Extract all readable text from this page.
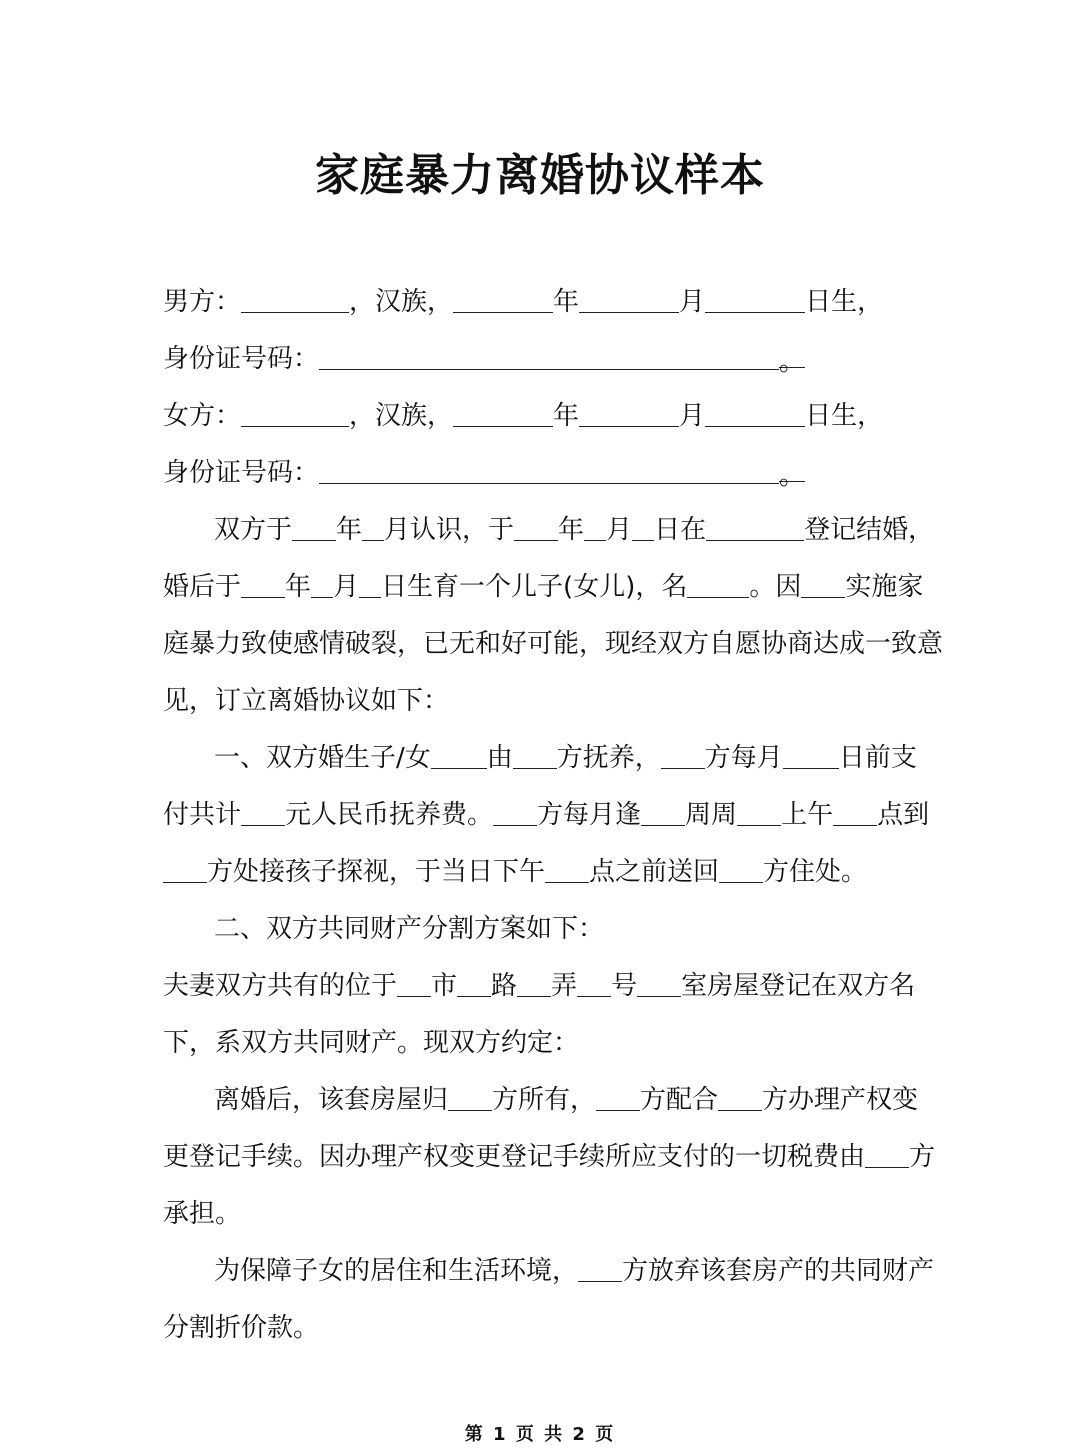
家庭暴力离婚协议样本
男方：	，汉族，	年	月	日生，
身份证号码：	。
女方：	，汉族，	年	月	日生，
身份证号码：	。
双方于 年 月认识，于 年 月 日在	登记结婚，
婚后于 年 月 日生育一个儿子(女儿)，名 。因 实施家
庭暴力致使感情破裂，已无和好可能，现经双方自愿协商达成一致意
见，订立离婚协议如下：
一、双方婚生子/女 由 方抚养， 方每月 日前支
付共计 元人民币抚养费。 方每月逢 周周 上午 点到
方处接孩子探视，于当日下午 点之前送回 方住处。
二、双方共同财产分割方案如下：
夫妻双方共有的位于 市 路 弄 号 室房屋登记在双方名
下，系双方共同财产。现双方约定：
离婚后，该套房屋归 方所有， 方配合 方办理产权变
更登记手续。因办理产权变更登记手续所应支付的一切税费由 方
承担。
为保障子女的居住和生活环境， 方放弃该套房产的共同财产
分割折价款。
第 1 页 共 2 页
